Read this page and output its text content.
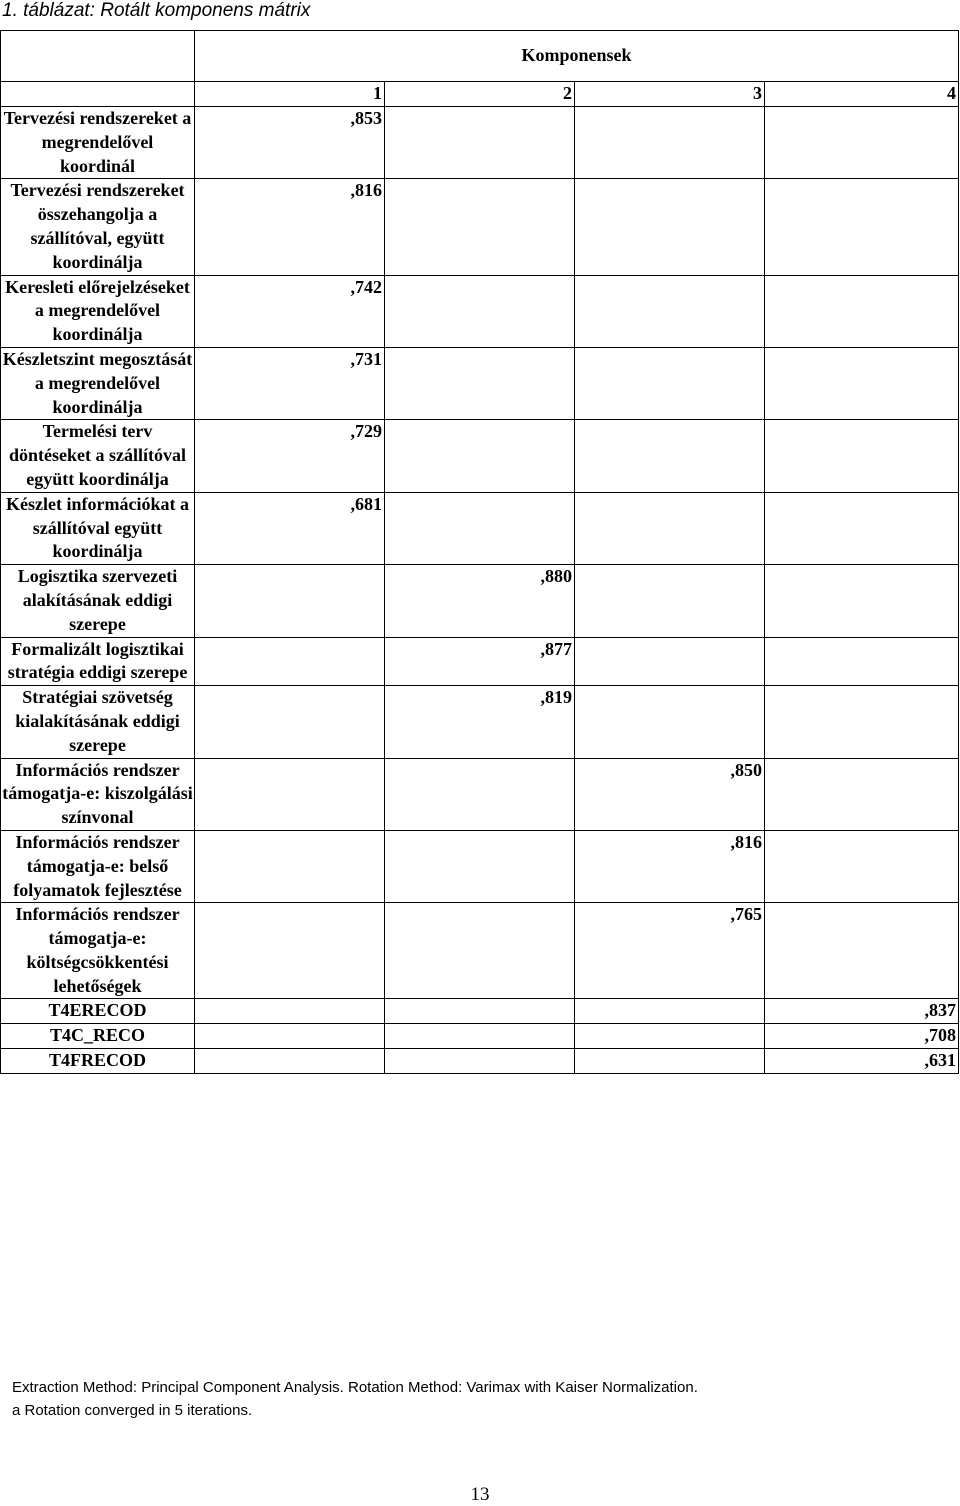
1. táblázat: Rotált komponens mátrix
	Komponensek			
	1	2	3	4
Tervezési rendszereket a megrendelővel koordinál	,853			
Tervezési rendszereket összehangolja a szállítóval, együtt koordinálja	,816			
Keresleti előrejelzéseket a megrendelővel koordinálja	,742			
Készletszint megosztását a megrendelővel koordinálja	,731			
Termelési terv döntéseket a szállítóval együtt koordinálja	,729			
Készlet információkat a szállítóval együtt koordinálja	,681			
Logisztika szervezeti alakításának eddigi szerepe		,880		
Formalizált logisztikai stratégia eddigi szerepe		,877		
Stratégiai szövetség kialakításának eddigi szerepe		,819		
Információs rendszer támogatja-e: kiszolgálási színvonal			,850	
Információs rendszer támogatja-e: belső folyamatok fejlesztése			,816	
Információs rendszer támogatja-e: költségcsökkentési lehetőségek			,765	
T4ERECOD				,837
T4C_RECO				,708
T4FRECOD				,631
Extraction Method: Principal Component Analysis. Rotation Method: Varimax with Kaiser Normalization.
a Rotation converged in 5 iterations.
13
